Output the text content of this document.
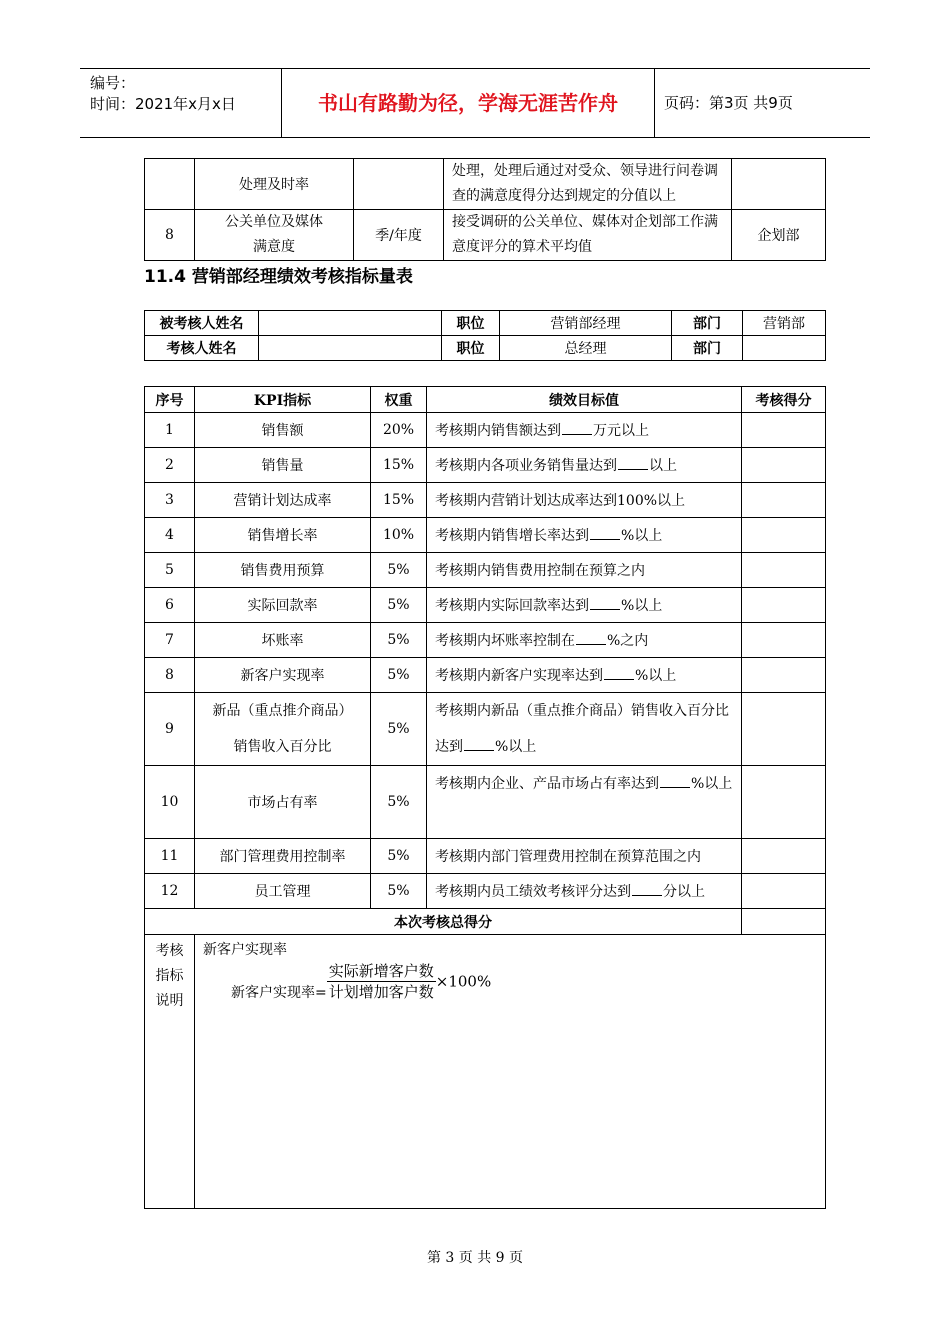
编号：
时间：2021年x月x日	书山有路勤为径，学海无涯苦作舟	页码：第3页 共9页
	处理及时率		处理，处理后通过对受众、领导进行问卷调查的满意度得分达到规定的分值以上	
8	公关单位及媒体满意度	季/年度	接受调研的公关单位、媒体对企划部工作满意度评分的算术平均值	企划部
11.4 营销部经理绩效考核指标量表
被考核人姓名		职位	营销部经理	部门	营销部
考核人姓名		职位	总经理	部门	
序号	KPI指标	权重	绩效目标值	考核得分
1	销售额	20%	考核期内销售额达到 万元以上	
2	销售量	15%	考核期内各项业务销售量达到 以上	
3	营销计划达成率	15%	考核期内营销计划达成率达到100%以上	
4	销售增长率	10%	考核期内销售增长率达到 %以上	
5	销售费用预算	5%	考核期内销售费用控制在预算之内	
6	实际回款率	5%	考核期内实际回款率达到 %以上	
7	坏账率	5%	考核期内坏账率控制在 %之内	
8	新客户实现率	5%	考核期内新客户实现率达到 %以上	
9	新品（重点推介商品）销售收入百分比	5%	考核期内新品（重点推介商品）销售收入百分比达到 %以上	
10	市场占有率	5%	考核期内企业、产品市场占有率达到 %以上	
11	部门管理费用控制率	5%	考核期内部门管理费用控制在预算范围之内	
12	员工管理	5%	考核期内员工绩效考核评分达到 分以上	
本次考核总得分				
考核指标说明	新客户实现率
新客户实现率= $\frac{\text{实际新增客户数}}{\text{计划增加客户数}} \times 100\%$			
第 3 页 共 9 页
